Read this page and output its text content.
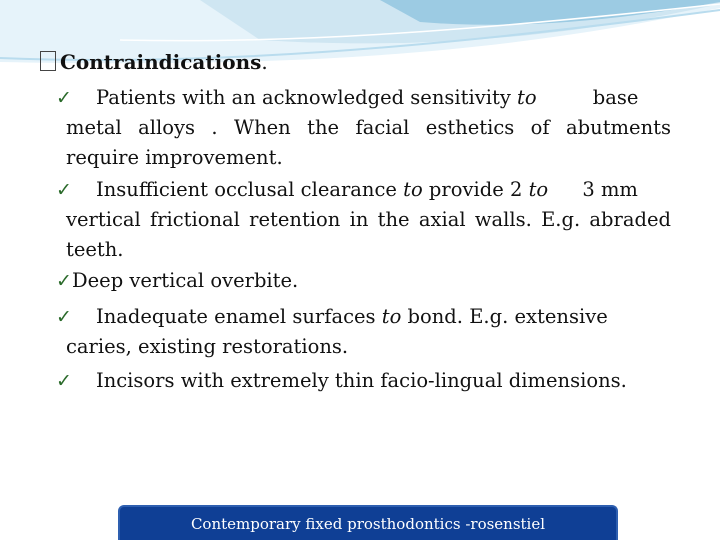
Contraindications.
✓	Patients with an acknowledged sensitivity to	base
metal alloys . When the facial esthetics of abutments
require improvement.
✓	Insufficient occlusal clearance to provide 2 to 3 mm
vertical frictional retention in the axial walls. E.g. abraded
teeth.
✓ Deep vertical overbite.
✓	Inadequate enamel surfaces to bond. E.g. extensive
caries, existing restorations.
✓	Incisors with extremely thin facio-lingual dimensions.
Contemporary fixed prosthodontics -rosenstiel
